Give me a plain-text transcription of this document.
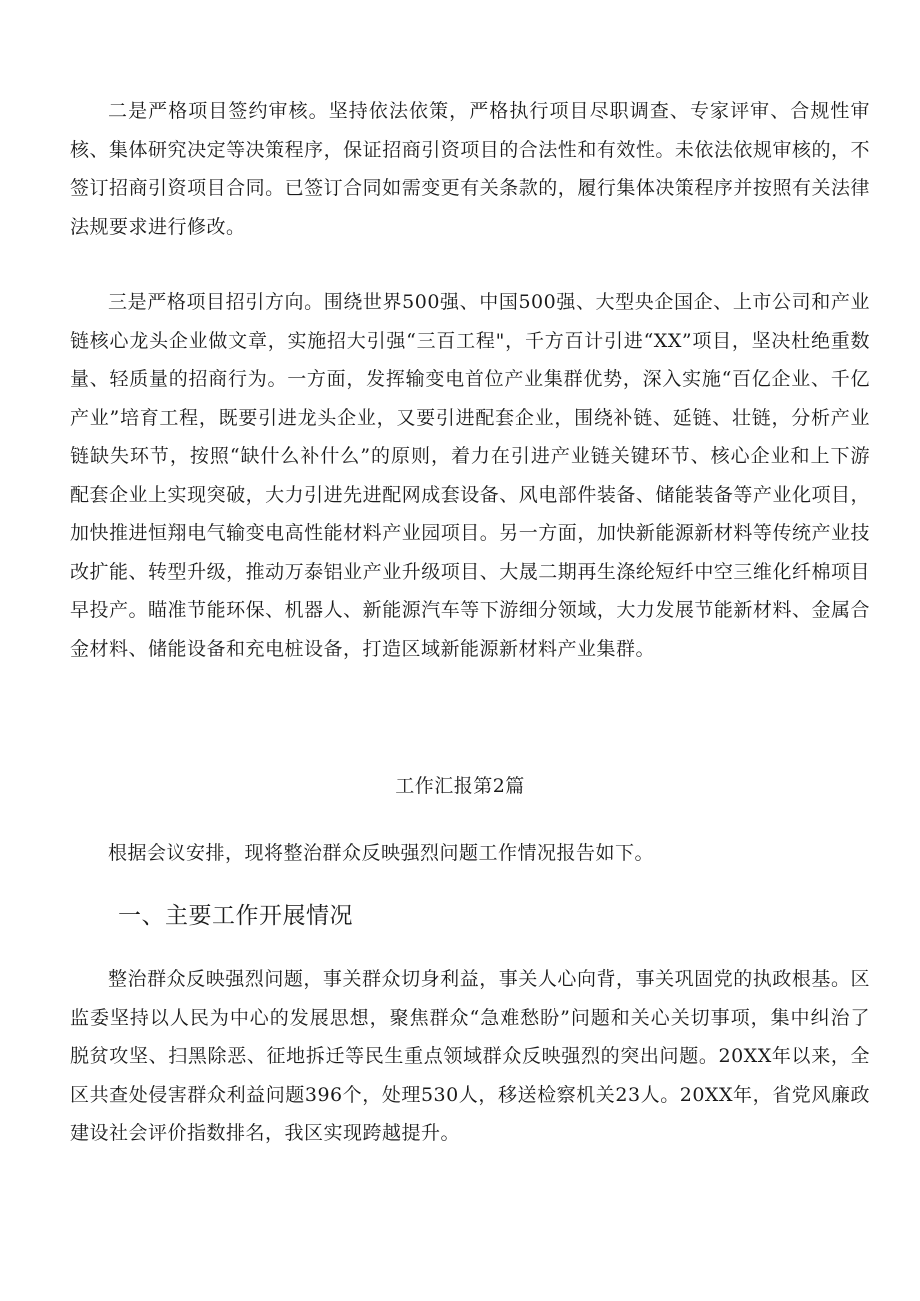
二是严格项目签约审核。坚持依法依策，严格执行项目尽职调查、专家评审、合规性审核、集体研究决定等决策程序，保证招商引资项目的合法性和有效性。未依法依规审核的，不签订招商引资项目合同。已签订合同如需变更有关条款的，履行集体决策程序并按照有关法律法规要求进行修改。

三是严格项目招引方向。围绕世界500强、中国500强、大型央企国企、上市公司和产业链核心龙头企业做文章，实施招大引强“三百工程"，千方百计引进“XX”项目，坚决杜绝重数量、轻质量的招商行为。一方面，发挥输变电首位产业集群优势，深入实施“百亿企业、千亿产业”培育工程，既要引进龙头企业，又要引进配套企业，围绕补链、延链、壮链，分析产业链缺失环节，按照“缺什么补什么”的原则，着力在引进产业链关键环节、核心企业和上下游配套企业上实现突破，大力引进先进配网成套设备、风电部件装备、储能装备等产业化项目，加快推进恒翔电气输变电高性能材料产业园项目。另一方面，加快新能源新材料等传统产业技改扩能、转型升级，推动万泰铝业产业升级项目、大晟二期再生涤纶短纤中空三维化纤棉项目早投产。瞄准节能环保、机器人、新能源汽车等下游细分领域，大力发展节能新材料、金属合金材料、储能设备和充电桩设备，打造区域新能源新材料产业集群。

工作汇报第2篇

根据会议安排，现将整治群众反映强烈问题工作情况报告如下。

一、主要工作开展情况

整治群众反映强烈问题，事关群众切身利益，事关人心向背，事关巩固党的执政根基。区监委坚持以人民为中心的发展思想，聚焦群众“急难愁盼”问题和关心关切事项，集中纠治了脱贫攻坚、扫黑除恶、征地拆迁等民生重点领域群众反映强烈的突出问题。20XX年以来，全区共查处侵害群众利益问题396个，处理530人，移送检察机关23人。20XX年，省党风廉政建设社会评价指数排名，我区实现跨越提升。
